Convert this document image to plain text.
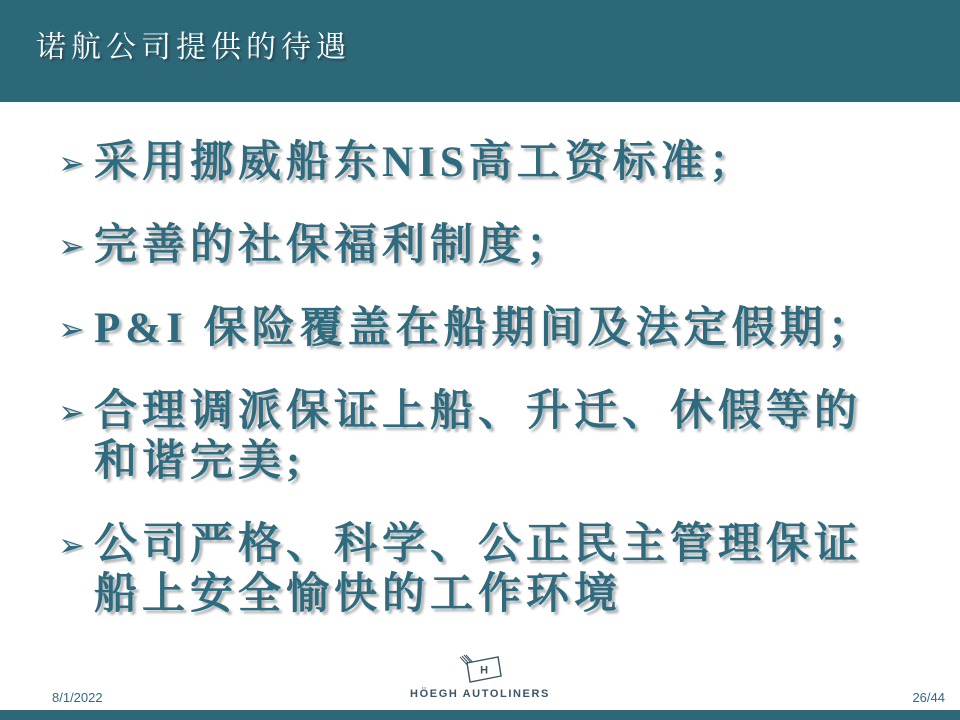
诺航公司提供的待遇
➢ 采用挪威船东NIS高工资标准；
➢ 完善的社保福利制度；
➢ P&I 保险覆盖在船期间及法定假期；
➢ 合理调派保证上船、升迁、休假等的和谐完美;
➢ 公司严格、科学、公正民主管理保证船上安全愉快的工作环境
8/1/2022
H
HÖEGH AUTOLINERS	26/44
